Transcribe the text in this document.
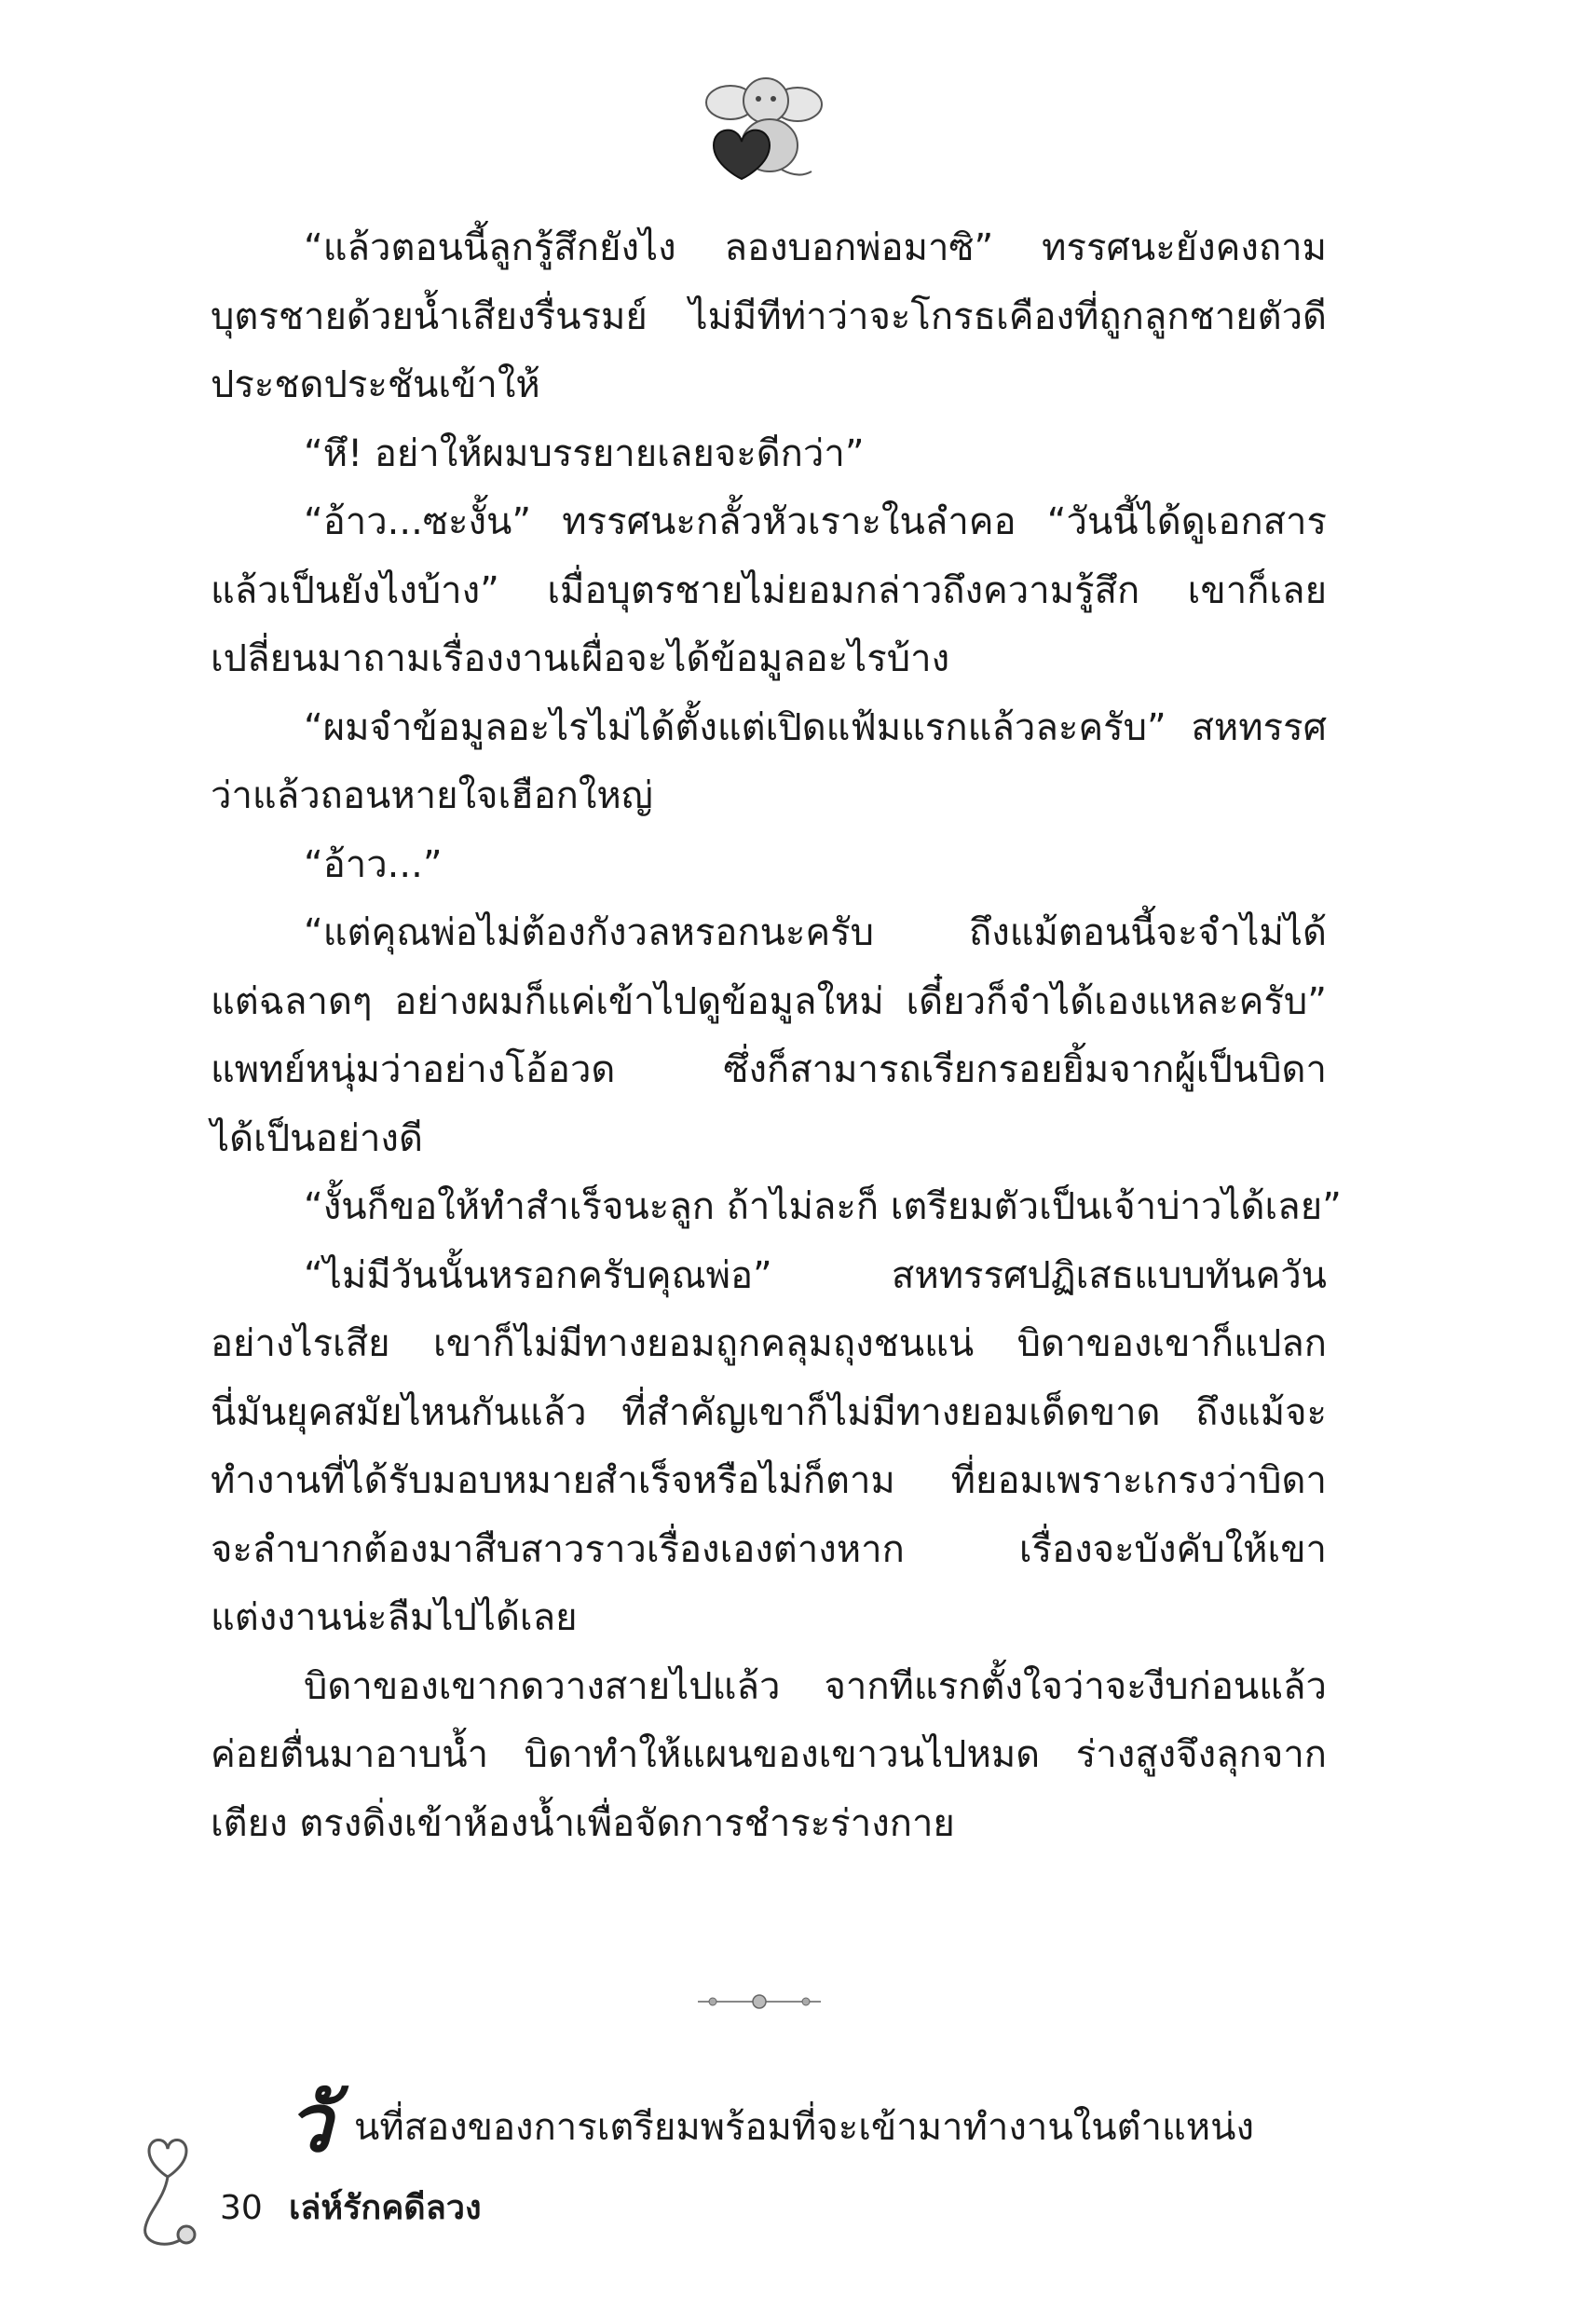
“แล้วตอนนี้ลูกรู้สึกยังไง ลองบอกพ่อมาซิ” ทรรศนะยังคงถาม
บุตรชายด้วยน้ำเสียงรื่นรมย์ ไม่มีทีท่าว่าจะโกรธเคืองที่ถูกลูกชายตัวดี
ประชดประชันเข้าให้
“หึ! อย่าให้ผมบรรยายเลยจะดีกว่า”
“อ้าว...ซะงั้น” ทรรศนะกลั้วหัวเราะในลำคอ “วันนี้ได้ดูเอกสาร
แล้วเป็นยังไงบ้าง” เมื่อบุตรชายไม่ยอมกล่าวถึงความรู้สึก เขาก็เลย
เปลี่ยนมาถามเรื่องงานเผื่อจะได้ข้อมูลอะไรบ้าง
“ผมจำข้อมูลอะไรไม่ได้ตั้งแต่เปิดแฟ้มแรกแล้วละครับ” สหทรรศ
ว่าแล้วถอนหายใจเฮือกใหญ่
“อ้าว...”
“แต่คุณพ่อไม่ต้องกังวลหรอกนะครับ ถึงแม้ตอนนี้จะจำไม่ได้
แต่ฉลาดๆ อย่างผมก็แค่เข้าไปดูข้อมูลใหม่ เดี๋ยวก็จำได้เองแหละครับ”
แพทย์หนุ่มว่าอย่างโอ้อวด ซึ่งก็สามารถเรียกรอยยิ้มจากผู้เป็นบิดา
ได้เป็นอย่างดี
“งั้นก็ขอให้ทำสำเร็จนะลูก ถ้าไม่ละก็ เตรียมตัวเป็นเจ้าบ่าวได้เลย”
“ไม่มีวันนั้นหรอกครับคุณพ่อ” สหทรรศปฏิเสธแบบทันควัน
อย่างไรเสีย เขาก็ไม่มีทางยอมถูกคลุมถุงชนแน่ บิดาของเขาก็แปลก
นี่มันยุคสมัยไหนกันแล้ว ที่สำคัญเขาก็ไม่มีทางยอมเด็ดขาด ถึงแม้จะ
ทำงานที่ได้รับมอบหมายสำเร็จหรือไม่ก็ตาม ที่ยอมเพราะเกรงว่าบิดา
จะลำบากต้องมาสืบสาวราวเรื่องเองต่างหาก เรื่องจะบังคับให้เขา
แต่งงานน่ะลืมไปได้เลย
บิดาของเขากดวางสายไปแล้ว จากทีแรกตั้งใจว่าจะงีบก่อนแล้ว
ค่อยตื่นมาอาบน้ำ บิดาทำให้แผนของเขาวนไปหมด ร่างสูงจึงลุกจาก
เตียง ตรงดิ่งเข้าห้องน้ำเพื่อจัดการชำระร่างกาย
วั นที่สองของการเตรียมพร้อมที่จะเข้ามาทำงานในตำแหน่ง
30 เล่ห์รักคดีลวง
